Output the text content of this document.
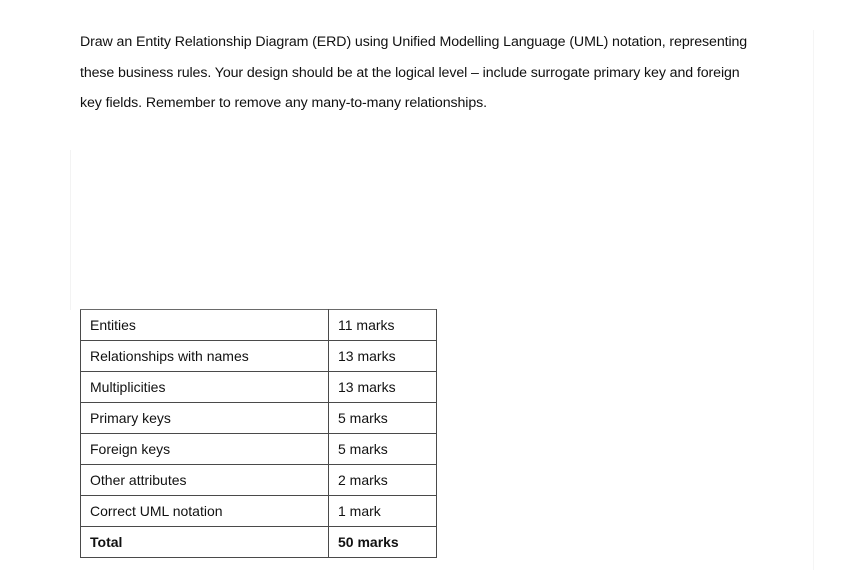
Draw an Entity Relationship Diagram (ERD) using Unified Modelling Language (UML) notation, representing
these business rules. Your design should be at the logical level – include surrogate primary key and foreign
key fields. Remember to remove any many-to-many relationships.
Entities	11 marks
Relationships with names	13 marks
Multiplicities	13 marks
Primary keys	5 marks
Foreign keys	5 marks
Other attributes	2 marks
Correct UML notation	1 mark
Total	50 marks
